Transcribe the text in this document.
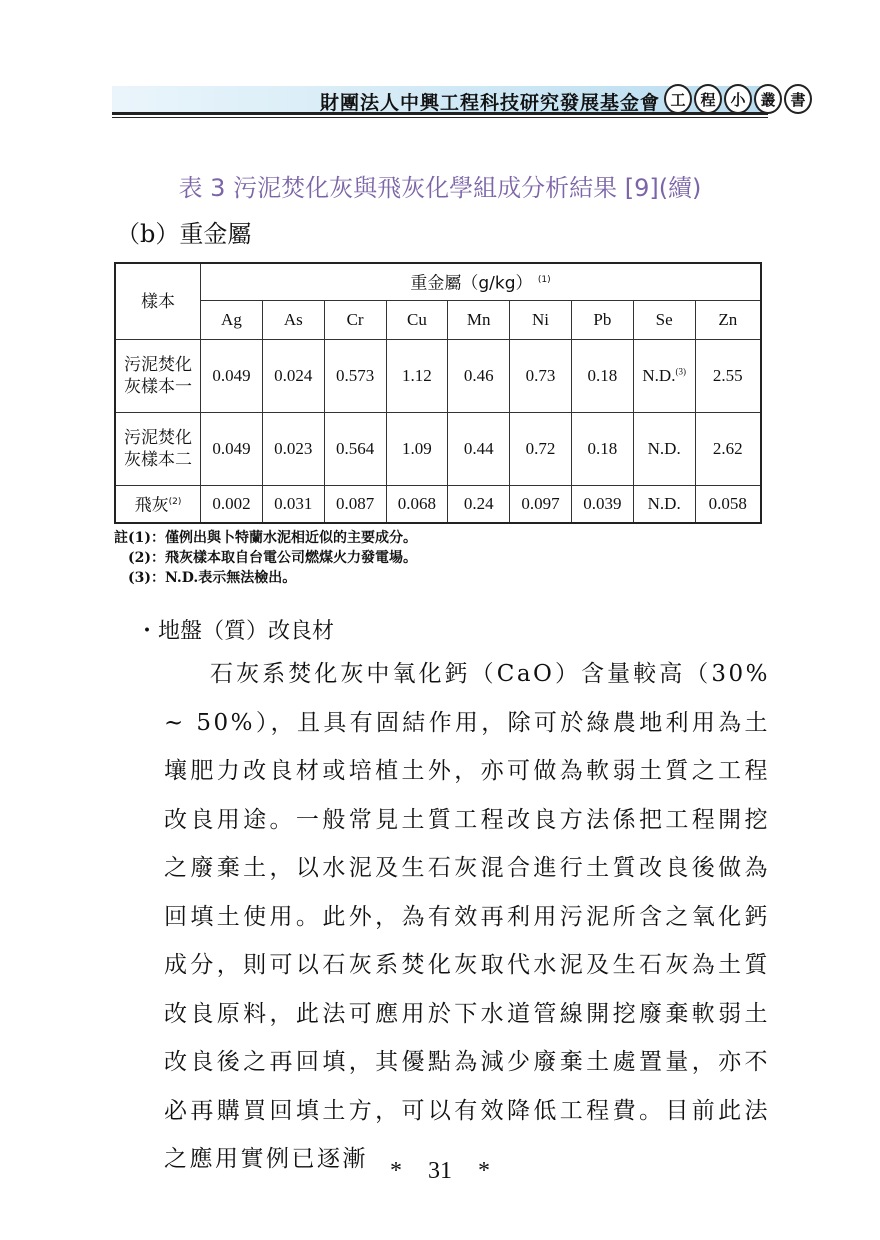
財團法人中興工程科技研究發展基金會 工 程 小 叢 書
表 3 污泥焚化灰與飛灰化學組成分析結果 [9](續)
（b）重金屬
樣本	重金屬（g/kg） $^{(1)}$
	Ag	As	Cr	Cu	Mn	Ni	Pb	Se	Zn
污泥焚化
灰樣本一	0.049	0.024	0.573	1.12	0.46	0.73	0.18	N.D.$^{(3)}$	2.55
污泥焚化
灰樣本二	0.049	0.023	0.564	1.09	0.44	0.72	0.18	N.D.	2.62
飛灰$^{(2)}$	0.002	0.031	0.087	0.068	0.24	0.097	0.039	N.D.	0.058
註(1)：僅例出與卜特蘭水泥相近似的主要成分。
(2)：飛灰樣本取自台電公司燃煤火力發電場。
(3)：N.D.表示無法檢出。
・地盤（質）改良材
石灰系焚化灰中氧化鈣（CaO）含量較高（30% ~ 50%），且具有固結作用，除可於綠農地利用為土壤肥力改良材或培植土外，亦可做為軟弱土質之工程改良用途。一般常見土質工程改良方法係把工程開挖之廢棄土，以水泥及生石灰混合進行土質改良後做為回填土使用。此外，為有效再利用污泥所含之氧化鈣成分，則可以石灰系焚化灰取代水泥及生石灰為土質改良原料，此法可應用於下水道管線開挖廢棄軟弱土改良後之再回填，其優點為減少廢棄土處置量，亦不必再購買回填土方，可以有效降低工程費。目前此法之應用實例已逐漸 * 31 *
